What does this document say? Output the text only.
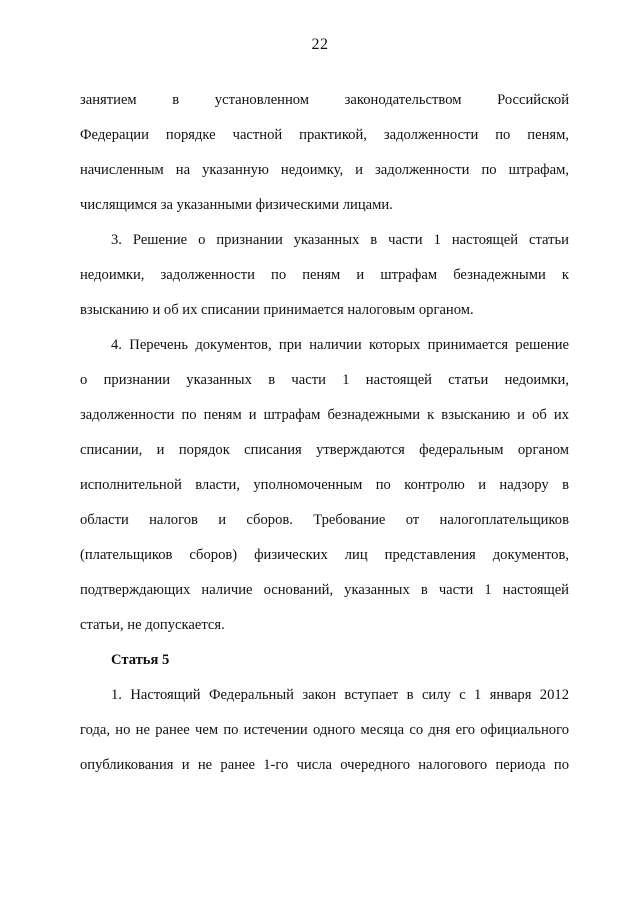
22
занятием в установленном законодательством Российской
Федерации порядке частной практикой, задолженности по пеням,
начисленным на указанную недоимку, и задолженности по штрафам,
числящимся за указанными физическими лицами.
3. Решение о признании указанных в части 1 настоящей статьи
недоимки, задолженности по пеням и штрафам безнадежными к
взысканию и об их списании принимается налоговым органом.
4. Перечень документов, при наличии которых принимается решение
о признании указанных в части 1 настоящей статьи недоимки,
задолженности по пеням и штрафам безнадежными к взысканию и об их
списании, и порядок списания утверждаются федеральным органом
исполнительной власти, уполномоченным по контролю и надзору в
области налогов и сборов. Требование от налогоплательщиков
(плательщиков сборов) физических лиц представления документов,
подтверждающих наличие оснований, указанных в части 1 настоящей
статьи, не допускается.
Статья 5
1. Настоящий Федеральный закон вступает в силу с 1 января 2012
года, но не ранее чем по истечении одного месяца со дня его официального
опубликования и не ранее 1-го числа очередного налогового периода по
